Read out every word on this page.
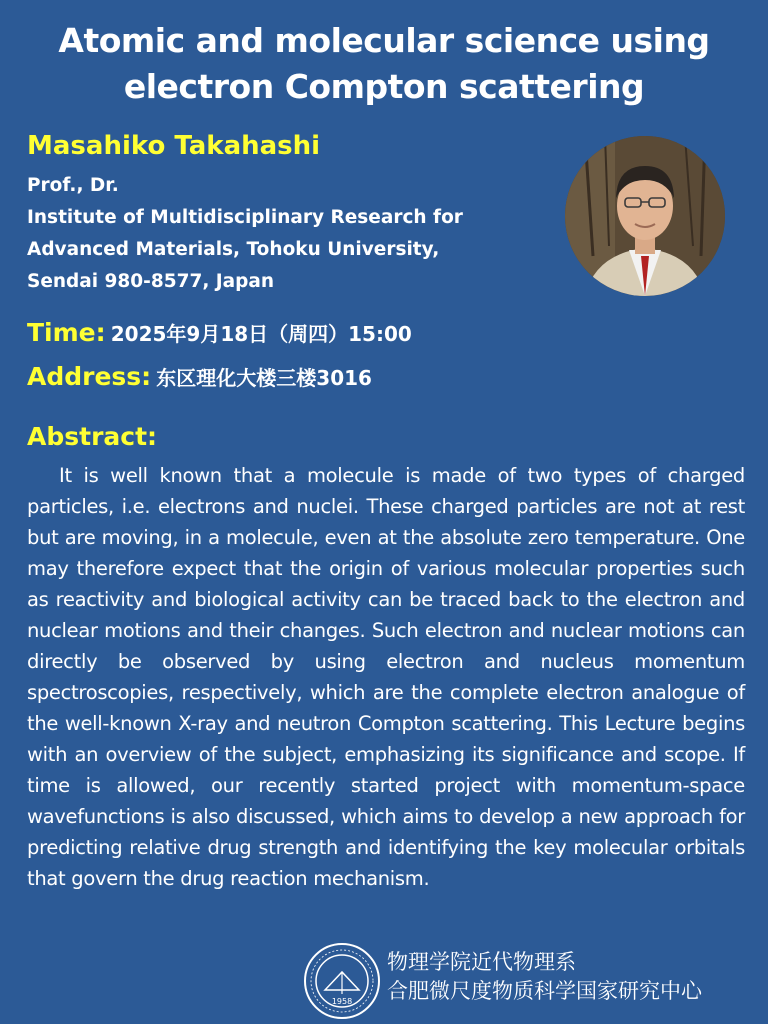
Atomic and molecular science using
electron Compton scattering
Masahiko Takahashi
Prof., Dr.
Institute of Multidisciplinary Research for
Advanced Materials, Tohoku University,
Sendai 980-8577, Japan
Time: 2025年9月18日（周四）15:00
Address: 东区理化大楼三楼3016
Abstract:
It is well known that a molecule is made of two types of charged particles, i.e. electrons and nuclei. These charged particles are not at rest but are moving, in a molecule, even at the absolute zero temperature. One may therefore expect that the origin of various molecular properties such as reactivity and biological activity can be traced back to the electron and nuclear motions and their changes. Such electron and nuclear motions can directly be observed by using electron and nucleus momentum spectroscopies, respectively, which are the complete electron analogue of the well-known X-ray and neutron Compton scattering. This Lecture begins with an overview of the subject, emphasizing its significance and scope. If time is allowed, our recently started project with momentum-space wavefunctions is also discussed, which aims to develop a new approach for predicting relative drug strength and identifying the key molecular orbitals that govern the drug reaction mechanism.
1958
物理学院近代物理系
合肥微尺度物质科学国家研究中心
